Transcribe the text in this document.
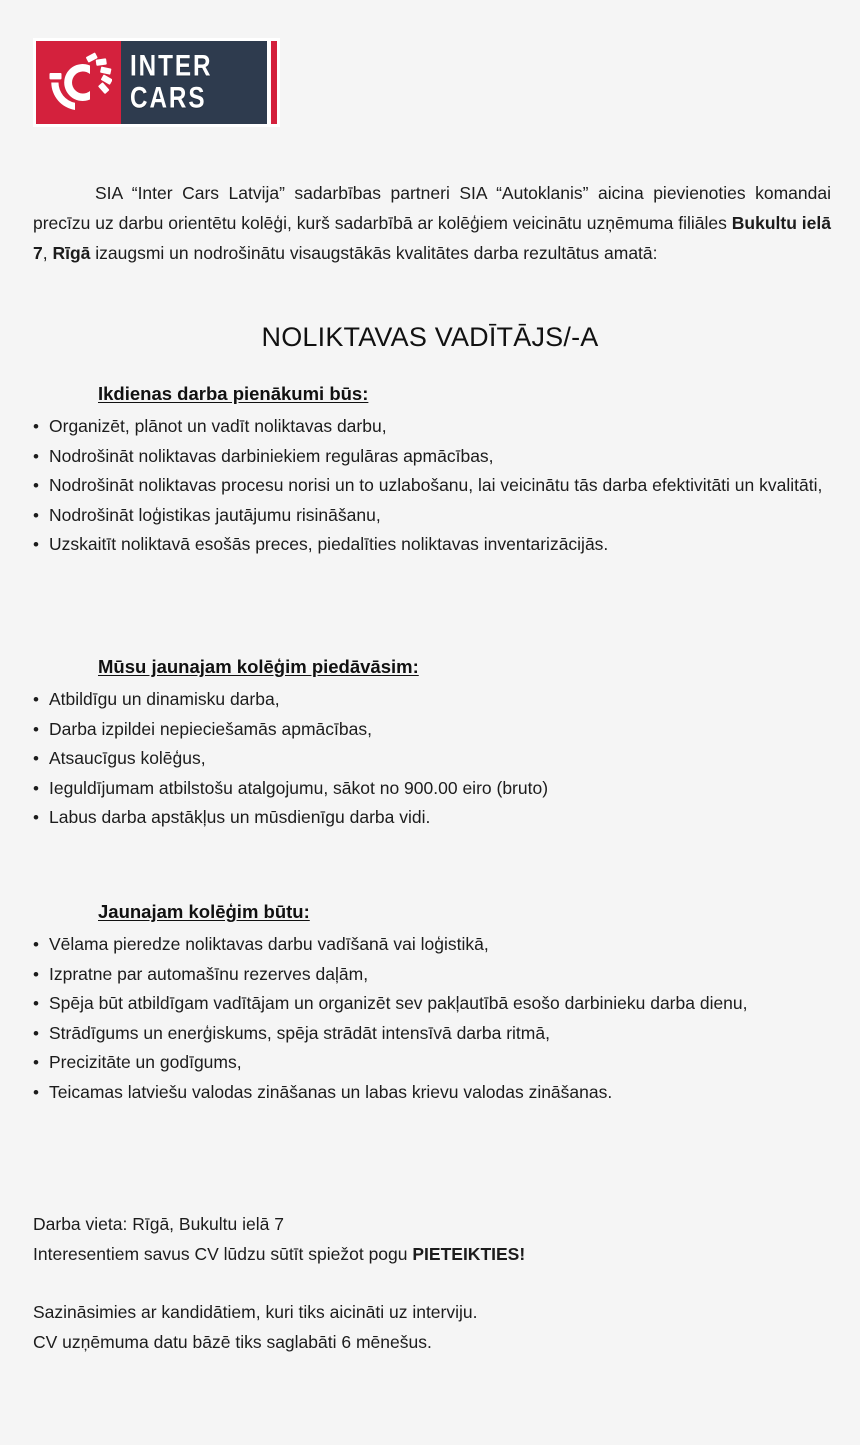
INTER
CARS

SIA “Inter Cars Latvija” sadarbības partneri SIA “Autoklanis” aicina pievienoties komandai precīzu uz darbu orientētu kolēģi, kurš sadarbībā ar kolēģiem veicinātu uzņēmuma filiāles Bukultu ielā 7, Rīgā izaugsmi un nodrošinātu visaugstākās kvalitātes darba rezultātus amatā:

NOLIKTAVAS VADĪTĀJS/-A
Ikdienas darba pienākumi būs:
• Organizēt, plānot un vadīt noliktavas darbu,
• Nodrošināt noliktavas darbiniekiem regulāras apmācības,
• Nodrošināt noliktavas procesu norisi un to uzlabošanu, lai veicinātu tās darba efektivitāti un kvalitāti,
• Nodrošināt loģistikas jautājumu risināšanu,
• Uzskaitīt noliktavā esošās preces, piedalīties noliktavas inventarizācijās.
Mūsu jaunajam kolēģim piedāvāsim:
• Atbildīgu un dinamisku darba,
• Darba izpildei nepieciešamās apmācības,
• Atsaucīgus kolēģus,
• Ieguldījumam atbilstošu atalgojumu, sākot no 900.00 eiro (bruto)
• Labus darba apstākļus un mūsdienīgu darba vidi.
Jaunajam kolēģim būtu:
• Vēlama pieredze noliktavas darbu vadīšanā vai loģistikā,
• Izpratne par automašīnu rezerves daļām,
• Spēja būt atbildīgam vadītājam un organizēt sev pakļautībā esošo darbinieku darba dienu,
• Strādīgums un enerģiskums, spēja strādāt intensīvā darba ritmā,
• Precizitāte un godīgums,
• Teicamas latviešu valodas zināšanas un labas krievu valodas zināšanas.
Darba vieta: Rīgā, Bukultu ielā 7
Interesentiem savus CV lūdzu sūtīt spiežot pogu PIETEIKTIES!
Sazināsimies ar kandidātiem, kuri tiks aicināti uz interviju.
CV uzņēmuma datu bāzē tiks saglabāti 6 mēnešus.
